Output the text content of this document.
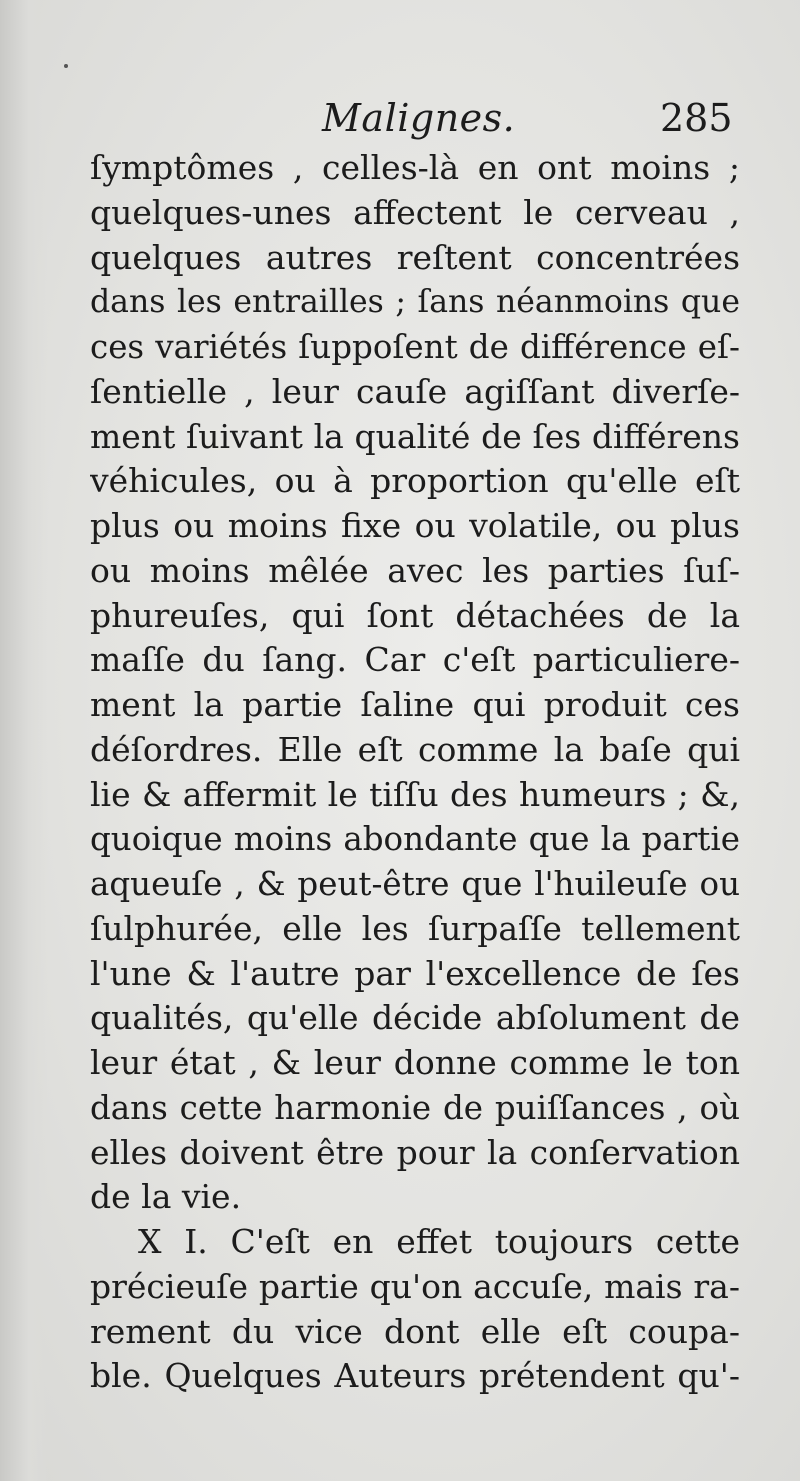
Malignes.	285
ſymptômes , celles-là en ont moins ;
quelques-unes affectent le cerveau ,
quelques autres reſtent concentrées
dans les entrailles ; ſans néanmoins que
ces variétés ſuppoſent de différence eſ-
ſentielle , leur cauſe agiſſant diverſe-
ment ſuivant la qualité de ſes différens
véhicules, ou à proportion qu'elle eſt
plus ou moins fixe ou volatile, ou plus
ou moins mêlée avec les parties ſuſ-
phureuſes, qui ſont détachées de la
maſſe du ſang. Car c'eſt particuliere-
ment la partie ſaline qui produit ces
déſordres. Elle eſt comme la baſe qui
lie & affermit le tiſſu des humeurs ; &,
quoique moins abondante que la partie
aqueuſe , & peut-être que l'huileuſe ou
ſulphurée, elle les ſurpaſſe tellement
l'une & l'autre par l'excellence de ſes
qualités, qu'elle décide abſolument de
leur état , & leur donne comme le ton
dans cette harmonie de puiſſances , où
elles doivent être pour la conſervation
de la vie.
X I. C'eſt en effet toujours cette
précieuſe partie qu'on accuſe, mais ra-
rement du vice dont elle eſt coupa-
ble. Quelques Auteurs prétendent qu'-
